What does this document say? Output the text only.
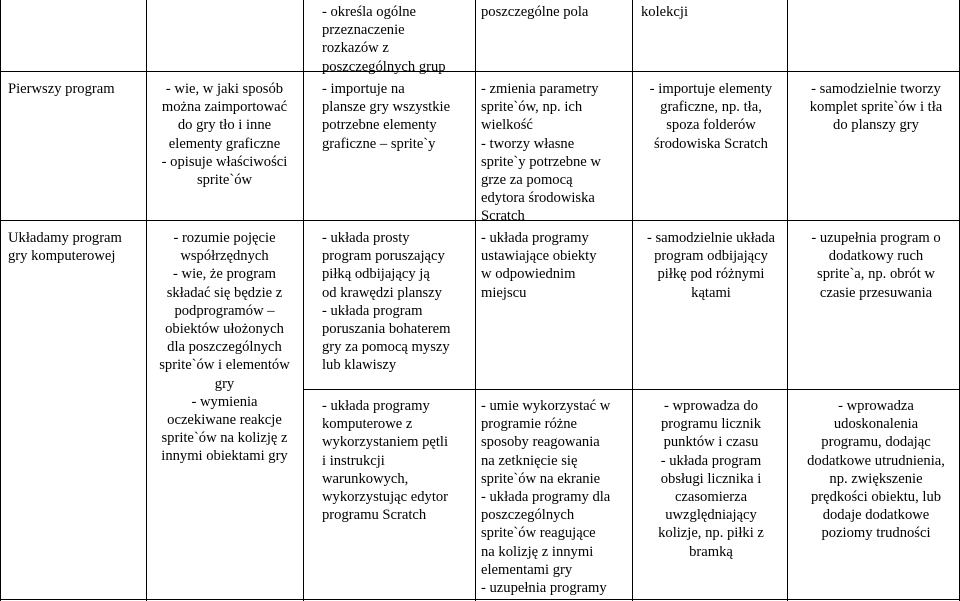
- określa ogólne
przeznaczenie
rozkazów z
poszczególnych grup
poszczególne pola	kolekcji
Pierwszy program	- wie, w jaki sposób
można zaimportować
do gry tło i inne
elementy graficzne
- opisuje właściwości
sprite`ów
- importuje na
plansze gry wszystkie
potrzebne elementy
graficzne – sprite`y
- zmienia parametry
sprite`ów, np. ich
wielkość
- tworzy własne
sprite`y potrzebne w
grze za pomocą
edytora środowiska
Scratch
- importuje elementy
graficzne, np. tła,
spoza folderów
środowiska Scratch
- samodzielnie tworzy
komplet sprite`ów i tła
do planszy gry
Układamy program
gry komputerowej
- rozumie pojęcie
współrzędnych
- wie, że program
składać się będzie z
podprogramów –
obiektów ułożonych
dla poszczególnych
sprite`ów i elementów
gry
- wymienia
oczekiwane reakcje
sprite`ów na kolizję z
innymi obiektami gry
- układa prosty
program poruszający
piłką odbijający ją
od krawędzi planszy
- układa program
poruszania bohaterem
gry za pomocą myszy
lub klawiszy
- układa programy
komputerowe z
wykorzystaniem pętli
i instrukcji
warunkowych,
wykorzystując edytor
programu Scratch
- układa programy
ustawiające obiekty
w odpowiednim
miejscu
- umie wykorzystać w
programie różne
sposoby reagowania
na zetknięcie się
sprite`ów na ekranie
- układa programy dla
poszczególnych
sprite`ów reagujące
na kolizję z innymi
elementami gry
- uzupełnia programy
- samodzielnie układa
program odbijający
piłkę pod różnymi
kątami
- wprowadza do
programu licznik
punktów i czasu
- układa program
obsługi licznika i
czasomierza
uwzględniający
kolizje, np. piłki z
bramką
- uzupełnia program o
dodatkowy ruch
sprite`a, np. obrót w
czasie przesuwania
- wprowadza
udoskonalenia
programu, dodając
dodatkowe utrudnienia,
np. zwiększenie
prędkości obiektu, lub
dodaje dodatkowe
poziomy trudności
